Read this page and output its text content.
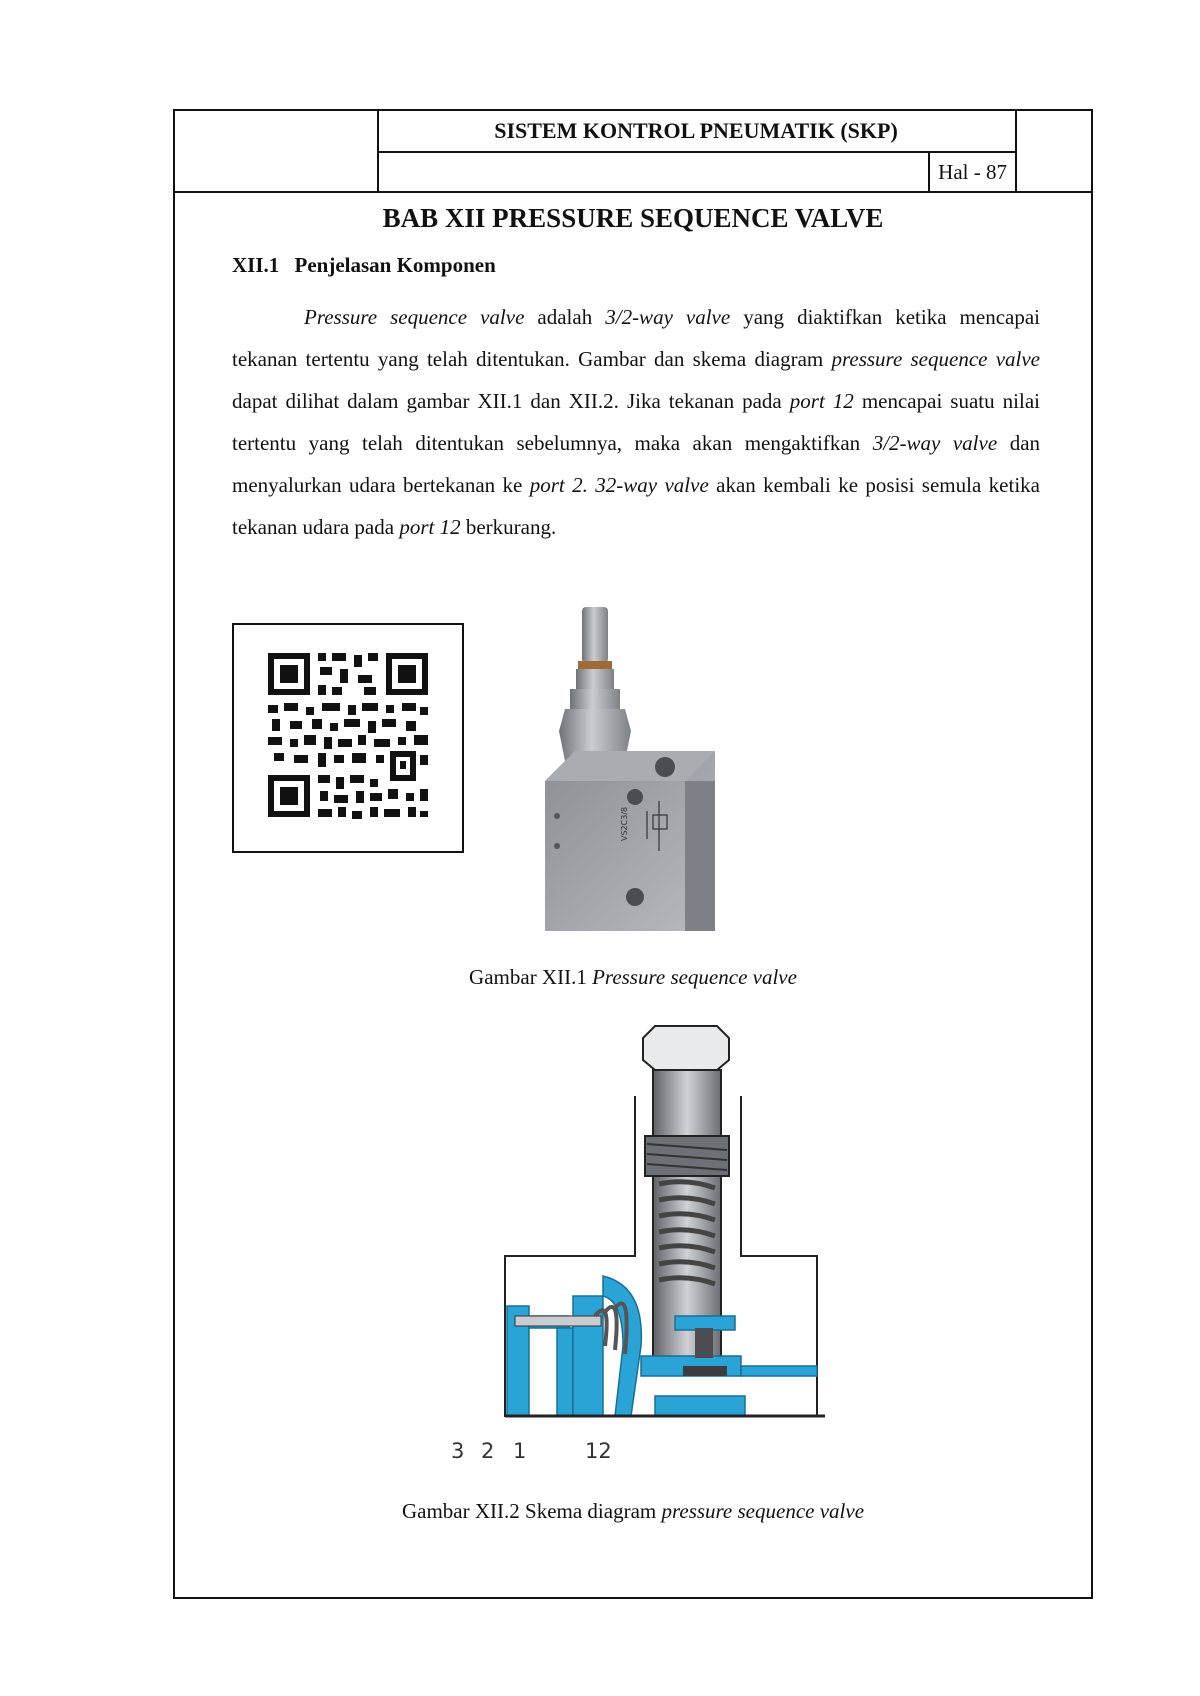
SISTEM KONTROL PNEUMATIK (SKP)
Hal - 87
BAB XII PRESSURE SEQUENCE VALVE
XII.1 Penjelasan Komponen

Pressure sequence valve adalah 3/2-way valve yang diaktifkan ketika mencapai tekanan tertentu yang telah ditentukan. Gambar dan skema diagram pressure sequence valve dapat dilihat dalam gambar XII.1 dan XII.2. Jika tekanan pada port 12 mencapai suatu nilai tertentu yang telah ditentukan sebelumnya, maka akan mengaktifkan 3/2-way valve dan menyalurkan udara bertekanan ke port 2. 32-way valve akan kembali ke posisi semula ketika tekanan udara pada port 12 berkurang.

VS2C3/8
Gambar XII.1 Pressure sequence valve
3 2 1	12
Gambar XII.2 Skema diagram pressure sequence valve
